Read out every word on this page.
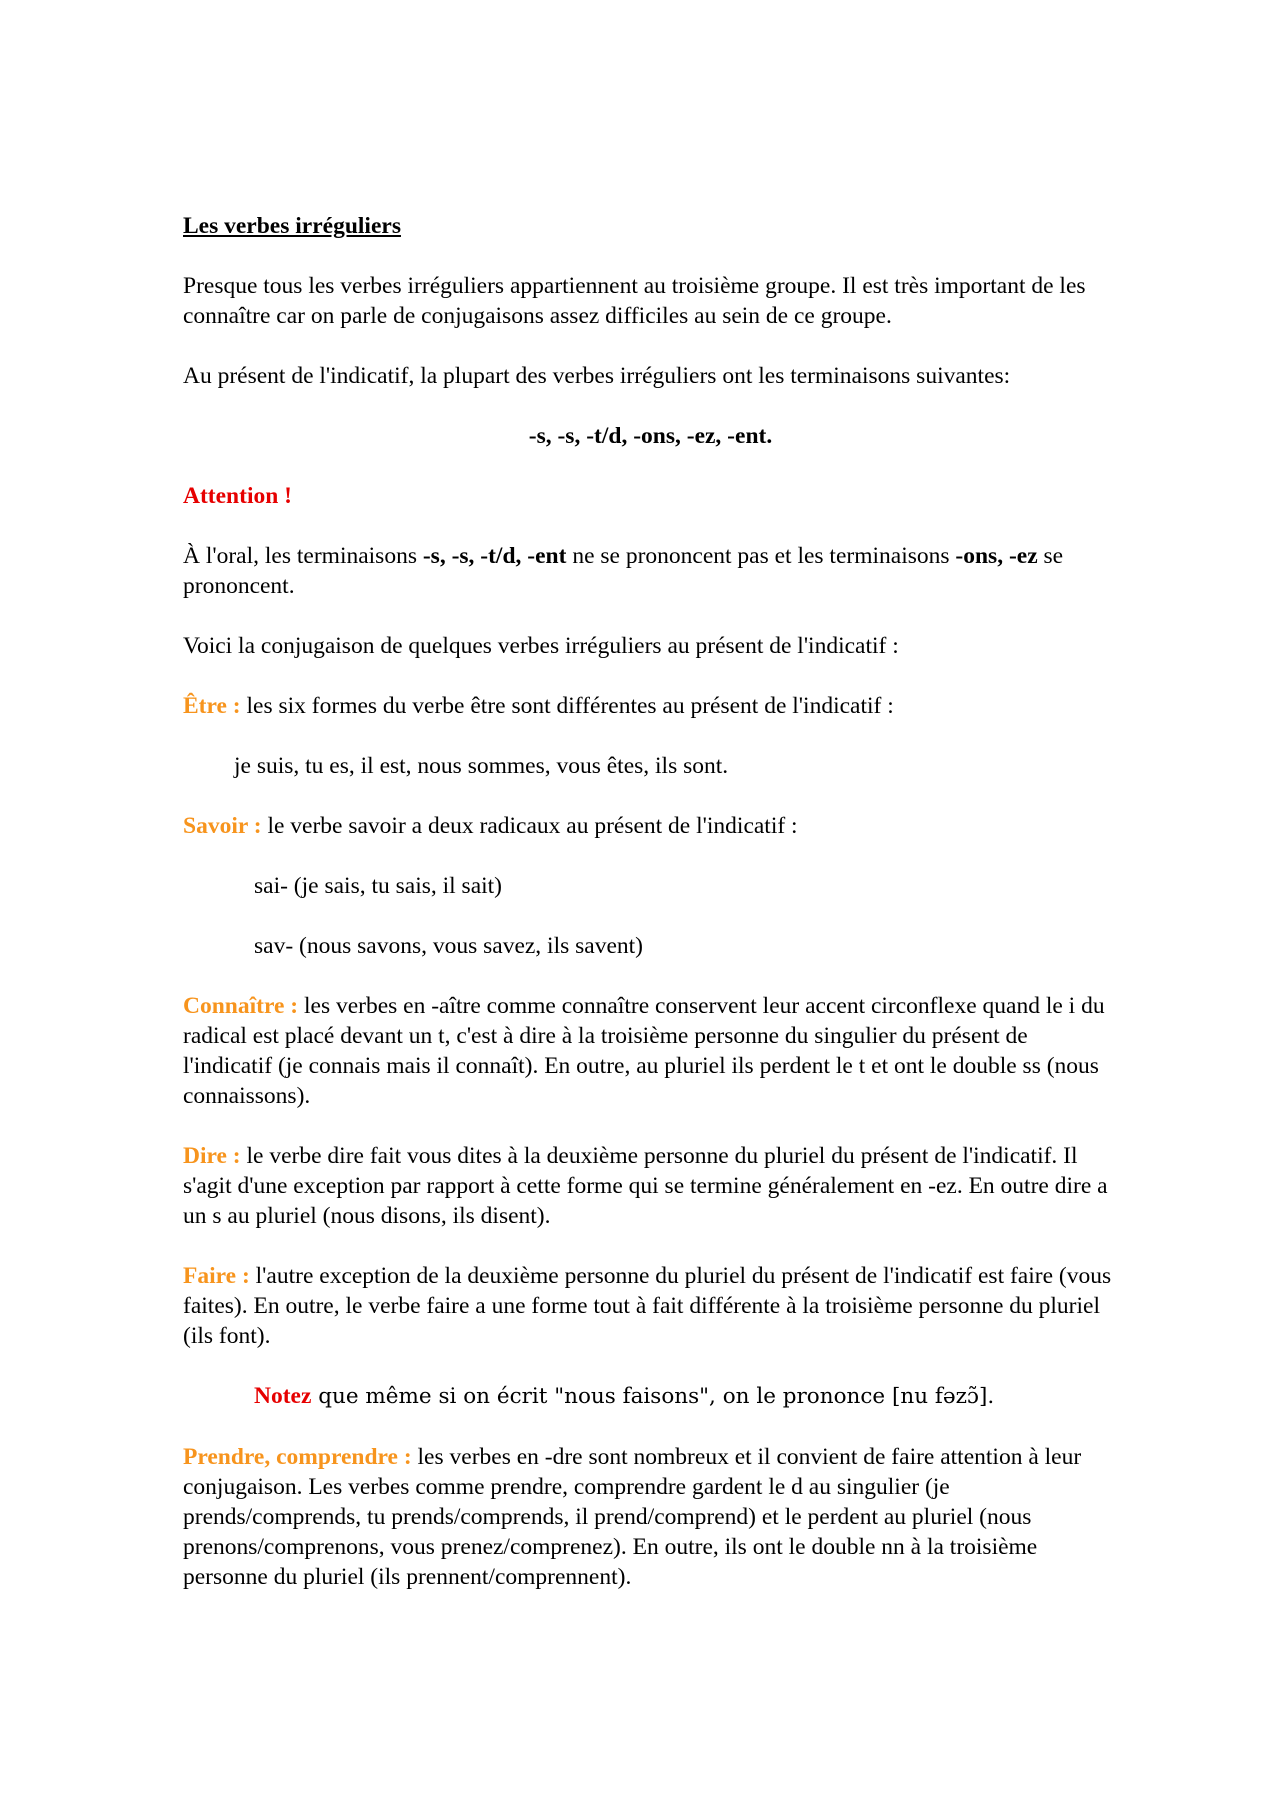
Les verbes irréguliers

Presque tous les verbes irréguliers appartiennent au troisième groupe. Il est très important de les connaître car on parle de conjugaisons assez difficiles au sein de ce groupe.

Au présent de l'indicatif, la plupart des verbes irréguliers ont les terminaisons suivantes:

-s, -s, -t/d, -ons, -ez, -ent.

Attention !

À l'oral, les terminaisons -s, -s, -t/d, -ent ne se prononcent pas et les terminaisons -ons, -ez se prononcent.

Voici la conjugaison de quelques verbes irréguliers au présent de l'indicatif :

Être : les six formes du verbe être sont différentes au présent de l'indicatif :

je suis, tu es, il est, nous sommes, vous êtes, ils sont.

Savoir : le verbe savoir a deux radicaux au présent de l'indicatif :

sai- (je sais, tu sais, il sait)

sav- (nous savons, vous savez, ils savent)

Connaître : les verbes en -aître comme connaître conservent leur accent circonflexe quand le i du radical est placé devant un t, c'est à dire à la troisième personne du singulier du présent de l'indicatif (je connais mais il connaît). En outre, au pluriel ils perdent le t et ont le double ss (nous connaissons).

Dire : le verbe dire fait vous dites à la deuxième personne du pluriel du présent de l'indicatif. Il s'agit d'une exception par rapport à cette forme qui se termine généralement en -ez. En outre dire a un s au pluriel (nous disons, ils disent).

Faire : l'autre exception de la deuxième personne du pluriel du présent de l'indicatif est faire (vous faites). En outre, le verbe faire a une forme tout à fait différente à la troisième personne du pluriel (ils font).

Notez que même si on écrit "nous faisons", on le prononce [nu fəzɔ̃].

Prendre, comprendre : les verbes en -dre sont nombreux et il convient de faire attention à leur conjugaison. Les verbes comme prendre, comprendre gardent le d au singulier (je prends/comprends, tu prends/comprends, il prend/comprend) et le perdent au pluriel (nous prenons/comprenons, vous prenez/comprenez). En outre, ils ont le double nn à la troisième personne du pluriel (ils prennent/comprennent).
